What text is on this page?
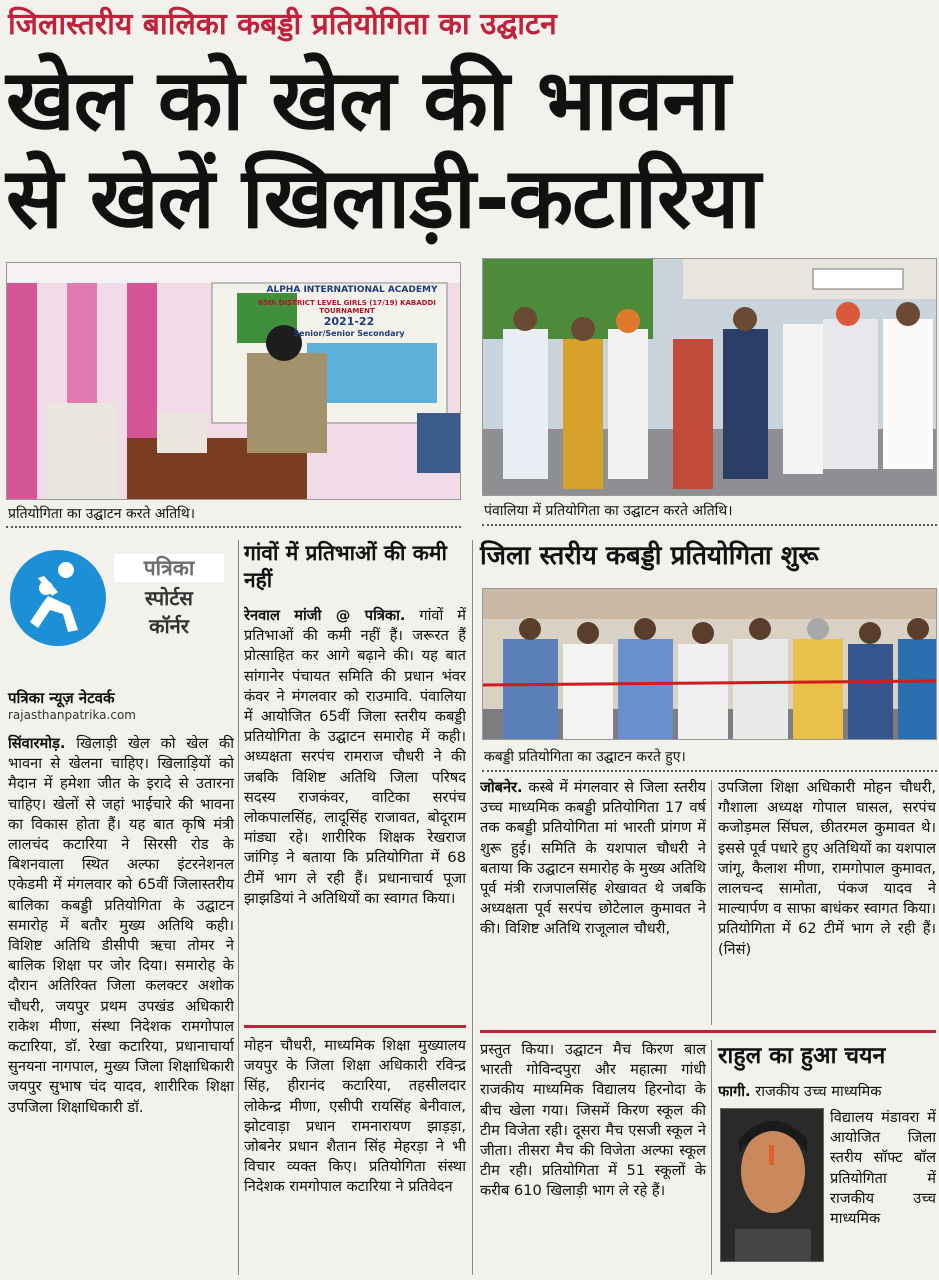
जिलास्तरीय बालिका कबड्डी प्रतियोगिता का उद्घाटन
खेल को खेल की भावना
से खेलें खिलाड़ी-कटारिया
ALPHA INTERNATIONAL ACADEMY
65th DISTRICT LEVEL GIRLS (17/19) KABADDI TOURNAMENT
2021-22
Senior/Senior Secondary
प्रतियोगिता का उद्घाटन करते अतिथि।	पंवालिया में प्रतियोगिता का उद्घाटन करते अतिथि।
पत्रिका
स्पोर्टस
कॉर्नर
पत्रिका न्यूज़ नेटवर्क
rajasthanpatrika.com
सिंवारमोड़. खिलाड़ी खेल को खेल की भावना से खेलना चाहिए। खिलाड़ियों को मैदान में हमेशा जीत के इरादे से उतारना चाहिए। खेलों से जहां भाईचारे की भावना का विकास होता हैं। यह बात कृषि मंत्री लालचंद कटारिया ने सिरसी रोड के बिशनवाला स्थित अल्फा इंटरनेशनल एकेडमी में मंगलवार को 65वीं जिलास्तरीय बालिका कबड्डी प्रतियोगिता के उद्घाटन समारोह में बतौर मुख्य अतिथि कही। विशिष्ट अतिथि डीसीपी ऋचा तोमर ने बालिक शिक्षा पर जोर दिया। समारोह के दौरान अतिरिक्त जिला कलक्टर अशोक चौधरी, जयपुर प्रथम उपखंड अधिकारी राकेश मीणा, संस्था निदेशक रामगोपाल कटारिया, डॉ. रेखा कटारिया, प्रधानाचार्या सुनयना नागपाल, मुख्य जिला शिक्षाधिकारी जयपुर सुभाष चंद यादव, शारीरिक शिक्षा उपजिला शिक्षाधिकारी डॉ.
गांवों में प्रतिभाओं की कमी नहीं
रेनवाल मांजी @ पत्रिका. गांवों में प्रतिभाओं की कमी नहीं हैं। जरूरत हैं प्रोत्साहित कर आगे बढ़ाने की। यह बात सांगानेर पंचायत समिति की प्रधान भंवर कंवर ने मंगलवार को राउमावि. पंवालिया में आयोजित 65वीं जिला स्तरीय कबड्डी प्रतियोगिता के उद्घाटन समारोह में कही। अध्यक्षता सरपंच रामराज चौधरी ने की जबकि विशिष्ट अतिथि जिला परिषद सदस्य राजकंवर, वाटिका सरपंच लोकपालसिंह, लादूसिंह राजावत, बोदूराम मांड्या रहे। शारीरिक शिक्षक रेखराज जांगिड़ ने बताया कि प्रतियोगिता में 68 टीमें भाग ले रही हैं। प्रधानाचार्य पूजा झाझडियां ने अतिथियों का स्वागत किया।
मोहन चौधरी, माध्यमिक शिक्षा मुख्यालय जयपुर के जिला शिक्षा अधिकारी रविन्द्र सिंह, हीरानंद कटारिया, तहसीलदार लोकेन्द्र मीणा, एसीपी रायसिंह बेनीवाल, झोटवाड़ा प्रधान रामनारायण झाड़ड़ा, जोबनेर प्रधान शैतान सिंह मेहरड़ा ने भी विचार व्यक्त किए। प्रतियोगिता संस्था निदेशक रामगोपाल कटारिया ने प्रतिवेदन
जिला स्तरीय कबड्डी प्रतियोगिता शुरू
कबड्डी प्रतियोगिता का उद्घाटन करते हुए।
जोबनेर. कस्बे में मंगलवार से जिला स्तरीय उच्च माध्यमिक कबड्डी प्रतियोगिता 17 वर्ष तक कबड्डी प्रतियोगिता मां भारती प्रांगण में शुरू हुई। समिति के यशपाल चौधरी ने बताया कि उद्घाटन समारोह के मुख्य अतिथि पूर्व मंत्री राजपालसिंह शेखावत थे जबकि अध्यक्षता पूर्व सरपंच छोटेलाल कुमावत ने की। विशिष्ट अतिथि राजूलाल चौधरी,
उपजिला शिक्षा अधिकारी मोहन चौधरी, गौशाला अध्यक्ष गोपाल घासल, सरपंच कजोड़मल सिंघल, छीतरमल कुमावत थे। इससे पूर्व पधारे हुए अतिथियों का यशपाल जांगू, कैलाश मीणा, रामगोपाल कुमावत, लालचन्द सामोता, पंकज यादव ने माल्यार्पण व साफा बाधंकर स्वागत किया। प्रतियोगिता में 62 टीमें भाग ले रही हैं। (निसं)
प्रस्तुत किया। उद्घाटन मैच किरण बाल भारती गोविन्दपुरा और महात्मा गांधी राजकीय माध्यमिक विद्यालय हिरनोदा के बीच खेला गया। जिसमें किरण स्कूल की टीम विजेता रही। दूसरा मैच एसजी स्कूल ने जीता। तीसरा मैच की विजेता अल्फा स्कूल टीम रही। प्रतियोगिता में 51 स्कूलों के करीब 610 खिलाड़ी भाग ले रहे हैं।
राहुल का हुआ चयन
फागी. राजकीय उच्च माध्यमिक
विद्यालय मंडावरा में आयोजित जिला स्तरीय सॉफ्ट बॉल प्रतियोगिता में राजकीय उच्च माध्यमिक
